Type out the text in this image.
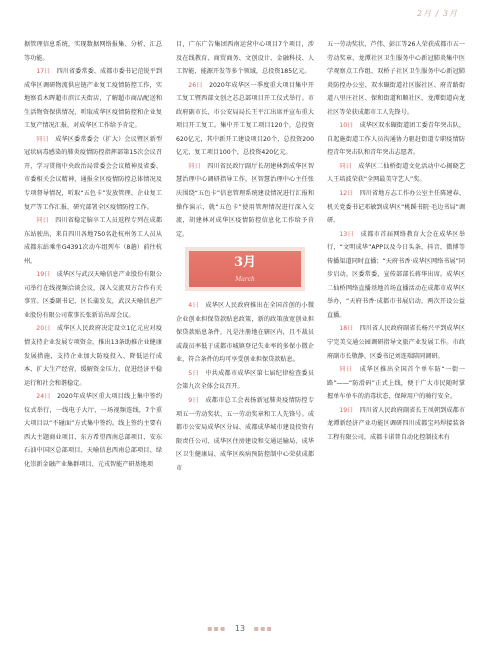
2月 / 3月

据管理信息系统，实现数据网络报集、分析、汇总等功能。

17日　 四川省委常委、成都市委书记范锐平到成华区调研物流供应链产业复工疫情防控工作，实地察看木晖超市滨江天街店，了解超市商品配送和生活物资保供情况，听取成华区疫情防控和企业复工复产情况汇报，对成华区工作给予肯定。

同日　 成华区委常委会（扩大）会议暨区新型冠状病毒感染的肺炎疫情防控指挥部第15次会议召开，学习贯彻中央政治局常委会会议精神及省委、市委相关会议精神，通报全区疫情防控总体情况及专项督导情况，听取“五色卡”发放管理、企业复工复产等工作汇报，研究部署全区疫情防控工作。

同日　 四川省稳定脑卒工人员返程专列在成都东站驶出，来自四川各地750名赴杭州务工人员从成都东站乘坐G4391次动车组列车（8趟）前往杭州。

19日　 成华区与武汉天喻信息产业股份有限公司举行在线视频洽谈会议，深入交流双方合作有关事宜。区委副书记、区长蒲发友，武汉天喻信息产业股份有限公司董事长张新访出席会议。

20日　 成华区人民政府决定设立1亿元应对疫情支持企业发展专项资金，推出13条助推企业健康发展措施，支持企业加大防疫投入、降低运行成本、扩大生产经营、缓解资金压力，促进经济平稳运行和社会和谐稳定。

24日　 2020年成华区重大项目线上集中签约仪式举行，一线电子大厅、一场视频连线，7个重大项目以“不碰面”方式集中签约。线上签约主要有西大主题商业项目、东方希望西南总部项目、安东石油中国区总部项目、天喻信息西南总部项目、绿化崇新金融产业集群项目、元戎智能产研基地项

目，广东广告集团西南运营中心项目7个项目，涉及在线教育、商贸商务、文创设计、金融科技、人工智能、能源开发等多个领域，总投资185亿元。

26日　 2020年成华区一季度重大项目集中开工复工暨西部文创之芯总部项目开工仪式举行。市政府副市长、市公安局局长王平江出席并宣布重大项目开工复工。集中开工复工项目120个，总投资620亿元，其中新开工建设项目20个，总投资200亿元，复工项目100个，总投资420亿元。

同日　 四川省民政厅副厅长胡建林到成华区智慧治理中心调研指导工作，区智慧治理中心主任张庆围绕“五色卡”信息管理系统建设情况进行汇报和操作演示，就“五色卡”使用管理情况进行深入交流，胡建林对成华区疫情防控信息化工作给予肯定。

3月
March

4日　 成华区人民政府推出在全国首创的小微企业创业担保贷款贴息政策，新的政策放宽创业担保贷款贴息条件，凡是注册地在辖区内，且不裁员或裁员率低于成都市城镇登记失业率的多保小微企业，符合条件的均可享受创业担保贷款贴息。

5日　 中共成都市成华区第七届纪律检查委员会第九次全体会议召开。

9日　 成都市总工会表扬新冠肺炎疫情防控专项五一劳动奖状、五一劳动奖章和工人先锋号。成都市公安局成华区分局、成都成华城市建设投资有限责任公司、成华区住房建设和交通运输局、成华区卫生健康局、成华区疾病预防控制中心荣获成都市

五一劳动奖状，芦伟、彭江等26人荣获成都市五一劳动奖章，龙潭社区卫生服务中心新冠肺炎集中医学观察点工作组、双桥子社区卫生服务中心新冠肺炎防控办公室、双水碾街道社区服社区、府青路街道八里庄社区、保和街道和顺社区、龙潭街道向龙社区等荣获成都市工人先锋号。

10日　 成华区双水碾街道团工委青年突击队，自起施街道工作人员沟通协力驱赶街道专职疫情防控青年突击队和青年突击志愿者。

同日　 成华区二仙桥街道文化活动中心揭晓艺人王培波荣获“全网最美守艺人”奖。

12日　 四川省地方志工作办公室主任陈建春、机关党委书记邓敏到成华区“桃蹊书院·毛边书局”调研。

13日　 成都市首届网络教育大会在成华区举行，“文明成华”APP以及今日头条、抖音、微博等传播渠道同时直播；“天府书香·成华区网络书展”同步启动。区委常委、宣传部部长蒋华出席。成华区二仙桥网络直播基地首场直播活动在成都市成华区举办，“天府书香·成都市书展启动，两次开设公益直播。

18日　 四川省人民政府副省长杨兴平到成华区宁完美交通公园调研指导文旅产业发展工作。市政府副市长敬静、区委书记刘连瑞陪同调研。

同日　 成华区推出全国首个单车防“一街一路”——“防滑码”正式上线，便于广大市民随时掌握单车单车的消毒状态，保障用户的骑行安全。

19日　 四川省人民政府副省长王凤朝到成都市龙潭新经济产业功能区调研四川成都宝玛焊接装备工程有限公司，成都卡诺普自动化控制技术有

▪▪▪ 13 ▪▪▪
